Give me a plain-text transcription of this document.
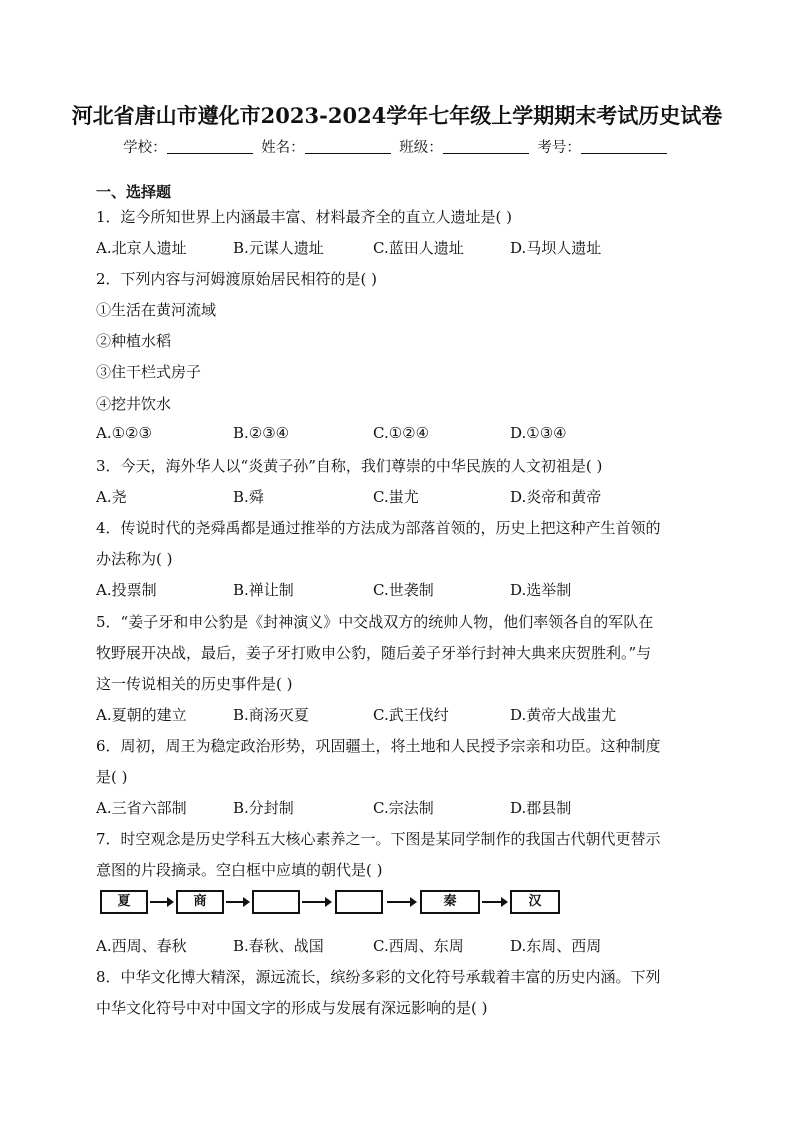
河北省唐山市遵化市2023-2024学年七年级上学期期末考试历史试卷
学校：	姓名：	班级：	考号：
一、选择题
1．迄今所知世界上内涵最丰富、材料最齐全的直立人遗址是( )
A.北京人遗址	B.元谋人遗址	C.蓝田人遗址	D.马坝人遗址
2．下列内容与河姆渡原始居民相符的是( )
①生活在黄河流域
②种植水稻
③住干栏式房子
④挖井饮水
A.①②③	B.②③④	C.①②④	D.①③④
3．今天，海外华人以“炎黄子孙”自称，我们尊崇的中华民族的人文初祖是( )
A.尧	B.舜	C.蚩尤	D.炎帝和黄帝
4．传说时代的尧舜禹都是通过推举的方法成为部落首领的，历史上把这种产生首领的
办法称为( )
A.投票制	B.禅让制	C.世袭制	D.选举制
5．“姜子牙和申公豹是《封神演义》中交战双方的统帅人物，他们率领各自的军队在
牧野展开决战，最后，姜子牙打败申公豹，随后姜子牙举行封神大典来庆贺胜利。”与
这一传说相关的历史事件是( )
A.夏朝的建立	B.商汤灭夏	C.武王伐纣	D.黄帝大战蚩尤
6．周初，周王为稳定政治形势，巩固疆土，将土地和人民授予宗亲和功臣。这种制度
是( )
A.三省六部制	B.分封制	C.宗法制	D.郡县制
7．时空观念是历史学科五大核心素养之一。下图是某同学制作的我国古代朝代更替示
意图的片段摘录。空白框中应填的朝代是( )
夏	商	秦	汉
A.西周、春秋	B.春秋、战国	C.西周、东周	D.东周、西周
8．中华文化博大精深，源远流长，缤纷多彩的文化符号承载着丰富的历史内涵。下列
中华文化符号中对中国文字的形成与发展有深远影响的是( )
